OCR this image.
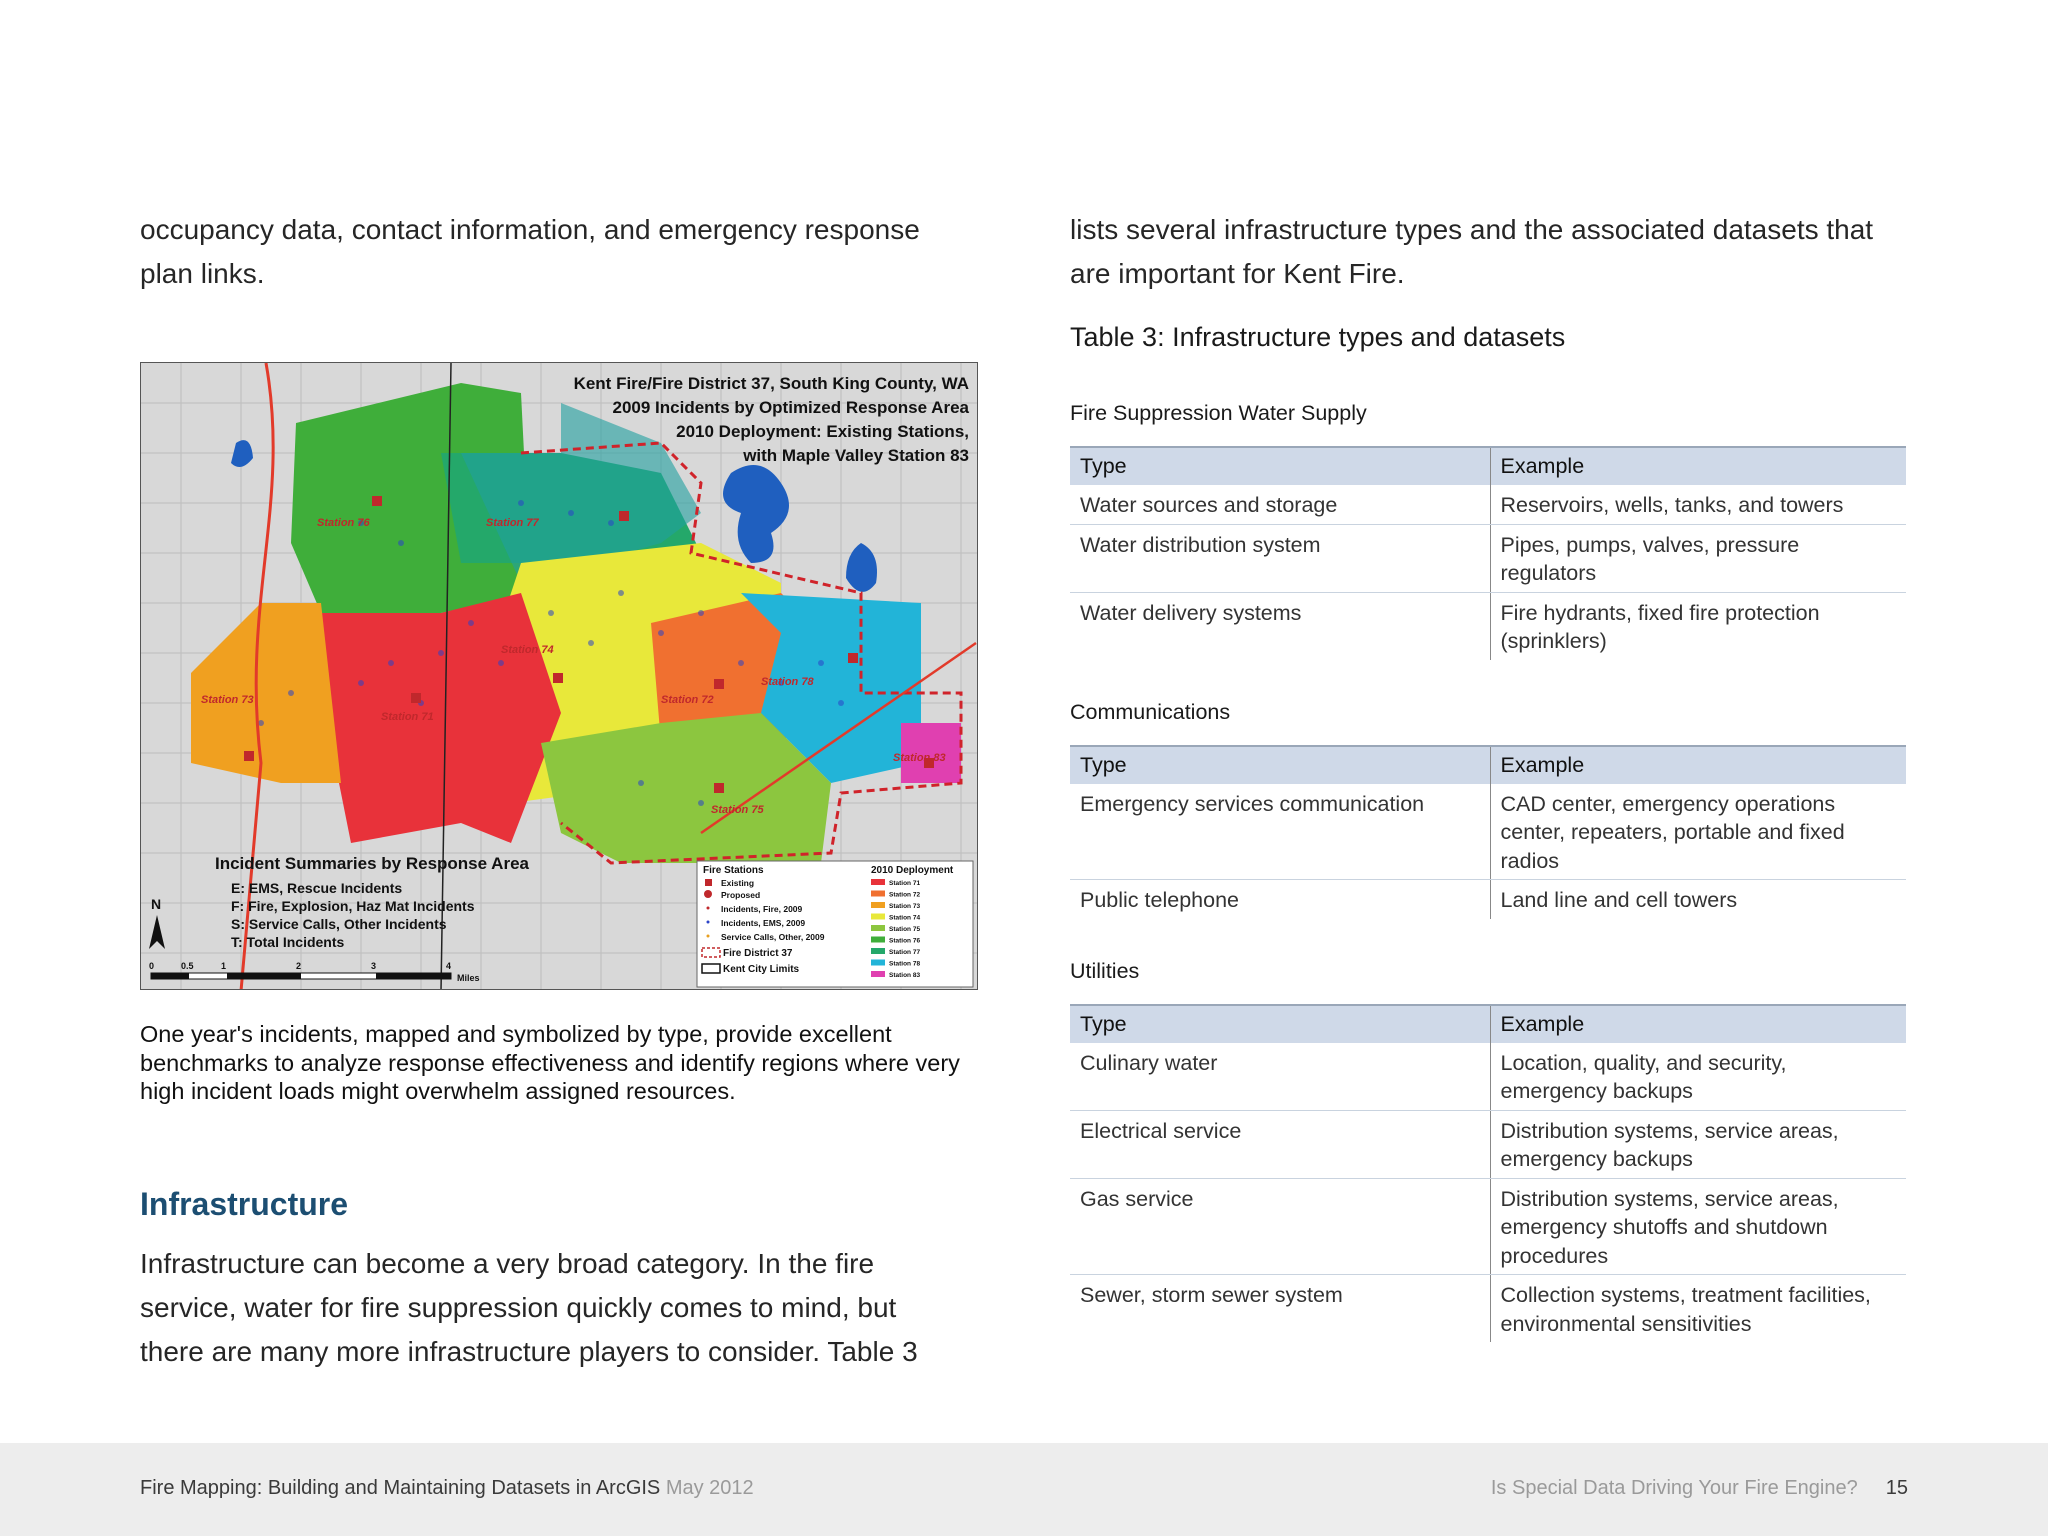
occupancy data, contact information, and emergency response plan links.

Kent Fire/Fire District 37, South King County, WA
2009 Incidents by Optimized Response Area
2010 Deployment: Existing Stations,
with Maple Valley Station 83
Station 76	Station 77
Station 74
Station 71
Station 73	Station 72
Station 78
Station 75
Station 83
Incident Summaries by Response Area
E: EMS, Rescue Incidents
F: Fire, Explosion, Haz Mat Incidents
S: Service Calls, Other Incidents
T: Total Incidents
N
0	0.5	1	2	3	4
Miles
Fire Stations	2010 Deployment
Existing
Proposed
Incidents, Fire, 2009
Incidents, EMS, 2009
Service Calls, Other, 2009
Fire District 37
Kent City Limits
Station 71
Station 72
Station 73
Station 74
Station 75
Station 76
Station 77
Station 78
Station 83

One year's incidents, mapped and symbolized by type, provide excellent benchmarks to analyze response effectiveness and identify regions where very high incident loads might overwhelm assigned resources.

Infrastructure

Infrastructure can become a very broad category. In the fire service, water for fire suppression quickly comes to mind, but there are many more infrastructure players to consider. Table 3

lists several infrastructure types and the associated datasets that are important for Kent Fire.

Table 3: Infrastructure types and datasets

Fire Suppression Water Supply

Type	Example
Water sources and storage	Reservoirs, wells, tanks, and towers
Water distribution system	Pipes, pumps, valves, pressure regulators
Water delivery systems	Fire hydrants, fixed fire protection (sprinklers)

Communications

Type	Example
Emergency services communication	CAD center, emergency operations center, repeaters, portable and fixed radios
Public telephone	Land line and cell towers

Utilities

Type	Example
Culinary water	Location, quality, and security, emergency backups
Electrical service	Distribution systems, service areas, emergency backups
Gas service	Distribution systems, service areas, emergency shutoffs and shutdown procedures
Sewer, storm sewer system	Collection systems, treatment facilities, environmental sensitivities
Fire Mapping: Building and Maintaining Datasets in ArcGIS May 2012	Is Special Data Driving Your Fire Engine? 15
